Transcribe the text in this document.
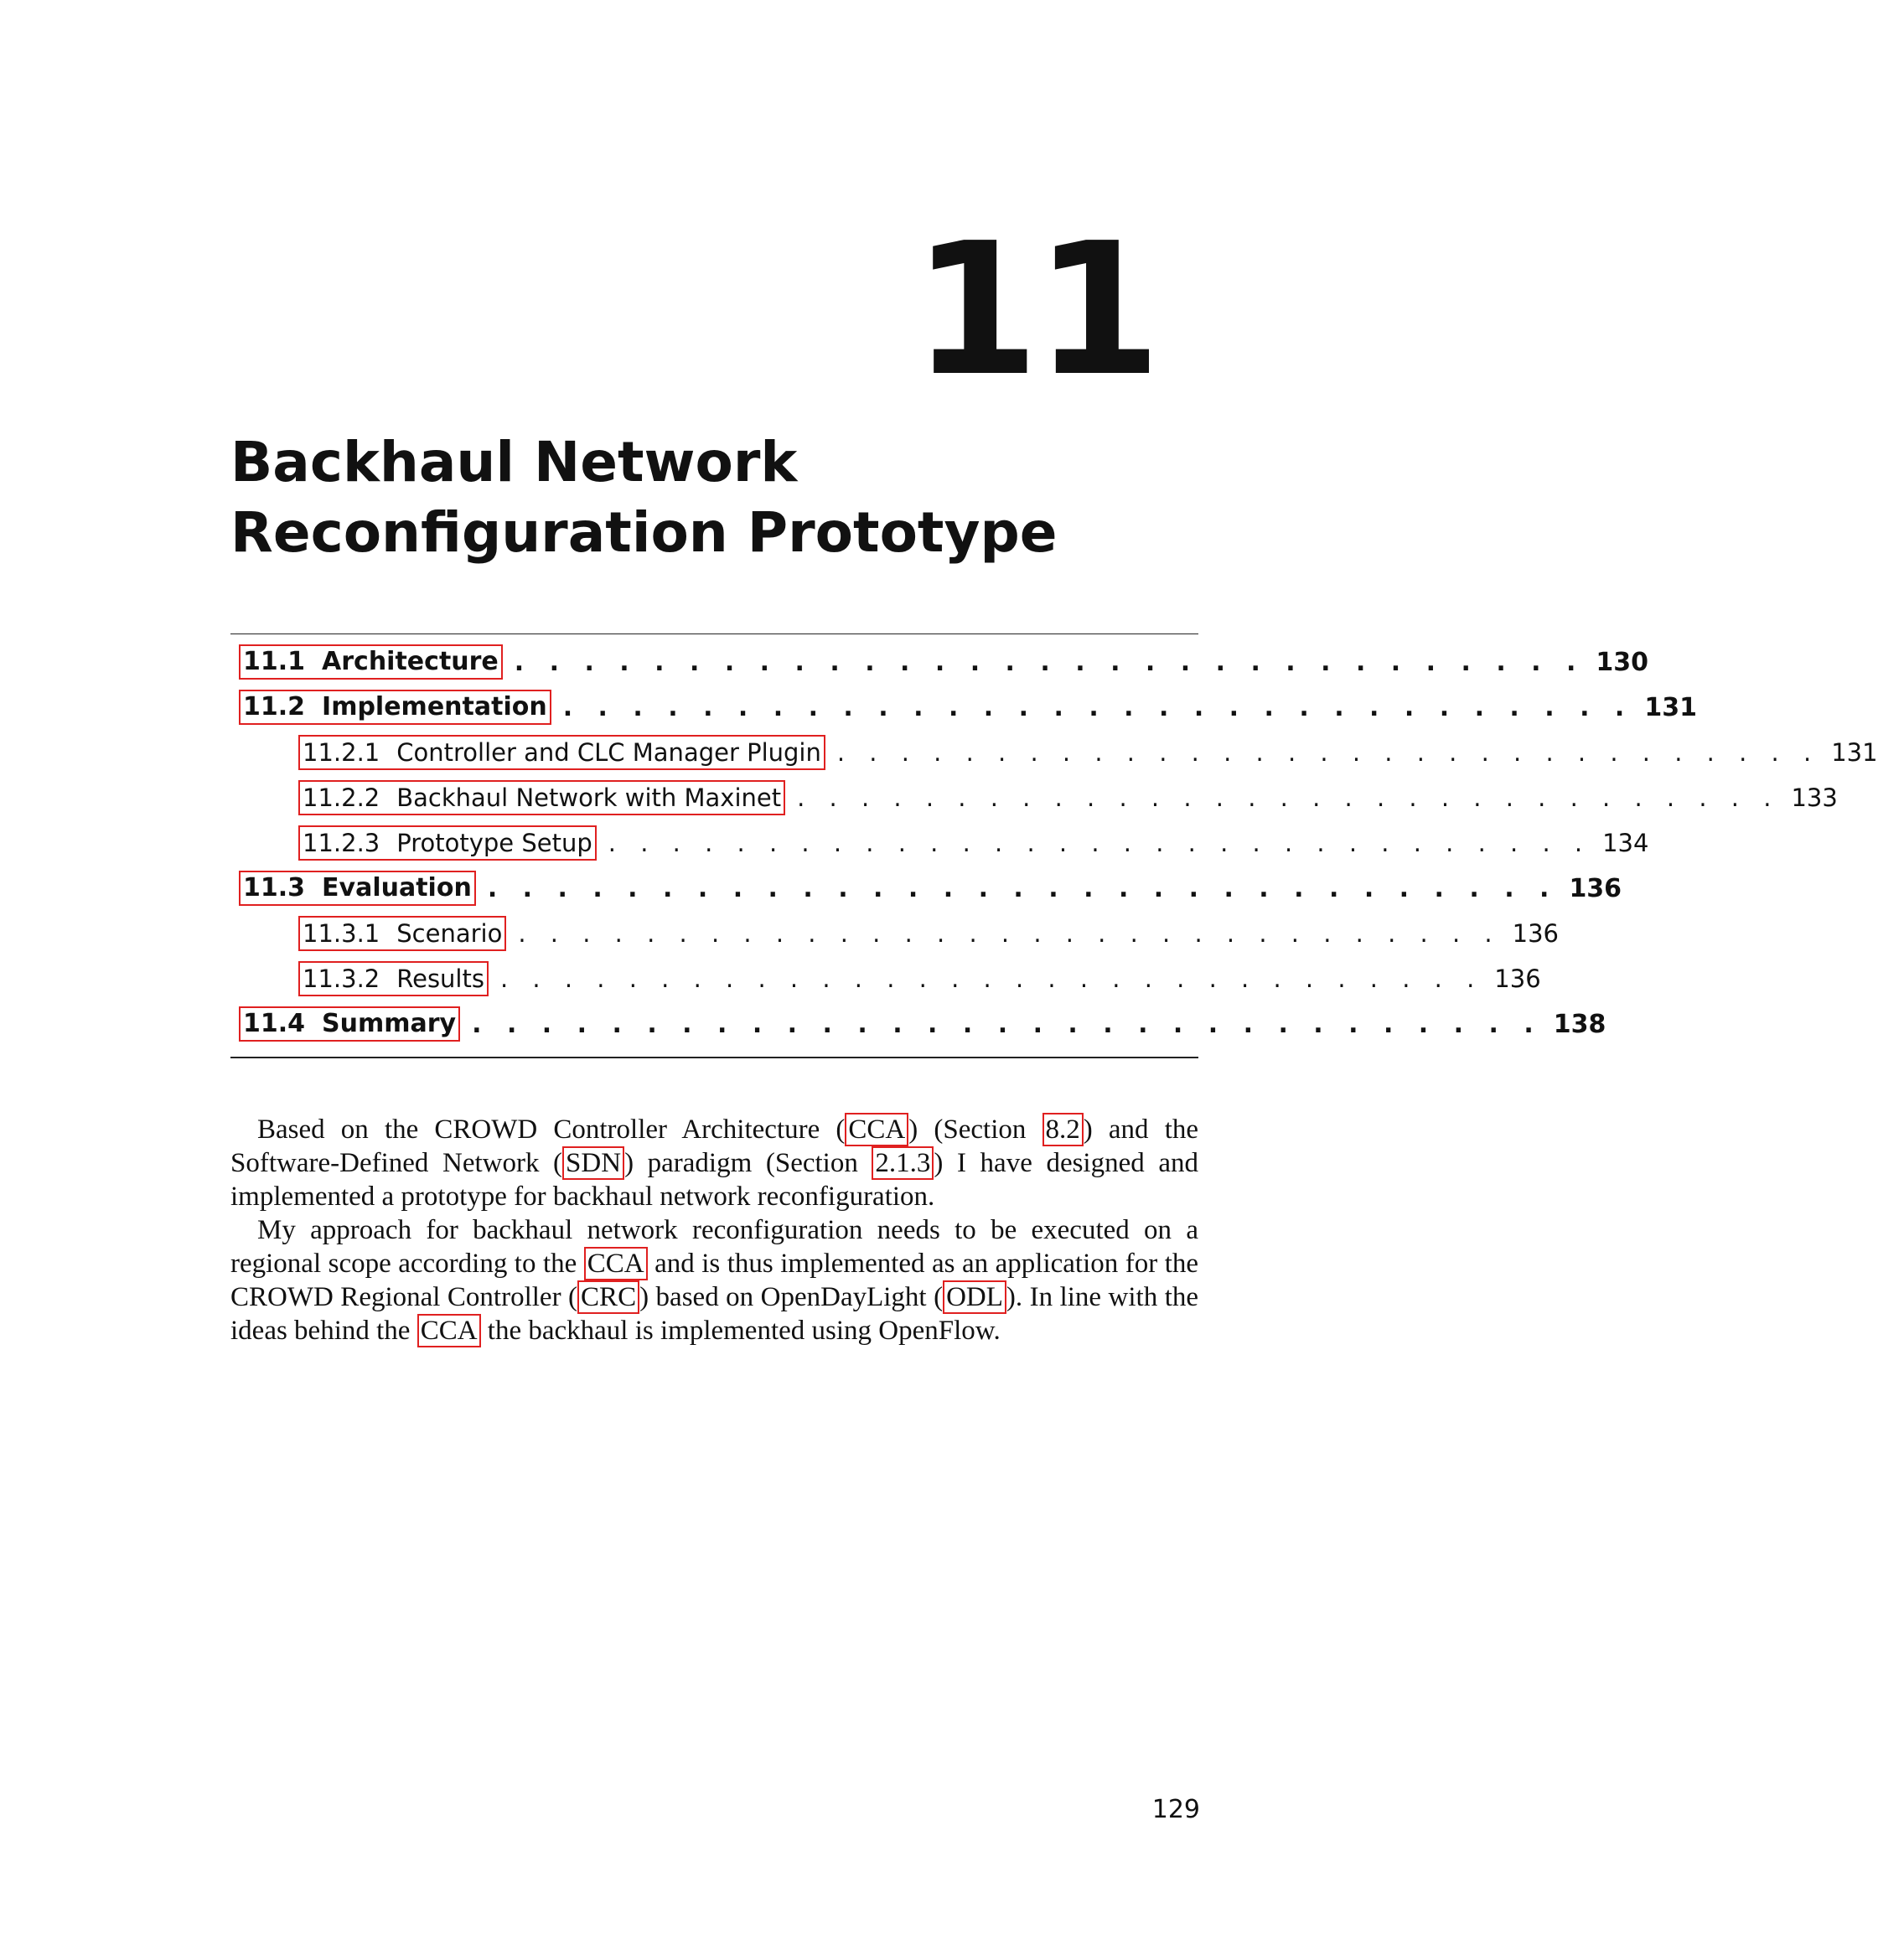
11
Backhaul Network Reconfiguration Prototype
11.1 Architecture . . . . . . . . . . . . . . . . . . . . . . . . . . . . . . . 130
11.2 Implementation . . . . . . . . . . . . . . . . . . . . . . . . . . . . . . . 131
11.2.1 Controller and CLC Manager Plugin . . . . . . . . . . . . . . . . . . . . . . . . . . . . . . . 131
11.2.2 Backhaul Network with Maxinet . . . . . . . . . . . . . . . . . . . . . . . . . . . . . . . 133
11.2.3 Prototype Setup . . . . . . . . . . . . . . . . . . . . . . . . . . . . . . . 134
11.3 Evaluation . . . . . . . . . . . . . . . . . . . . . . . . . . . . . . . 136
11.3.1 Scenario . . . . . . . . . . . . . . . . . . . . . . . . . . . . . . . 136
11.3.2 Results . . . . . . . . . . . . . . . . . . . . . . . . . . . . . . . 136
11.4 Summary . . . . . . . . . . . . . . . . . . . . . . . . . . . . . . . 138

Based on the CROWD Controller Architecture ( CCA ) (Section 8.2 ) and the Software-Defined Network ( SDN ) paradigm (Section 2.1.3 ) I have designed and implemented a prototype for backhaul network reconfiguration.

My approach for backhaul network reconfiguration needs to be executed on a regional scope according to the CCA and is thus implemented as an application for the CROWD Regional Controller ( CRC ) based on OpenDayLight ( ODL ). In line with the ideas behind the CCA the backhaul is implemented using OpenFlow.

129
